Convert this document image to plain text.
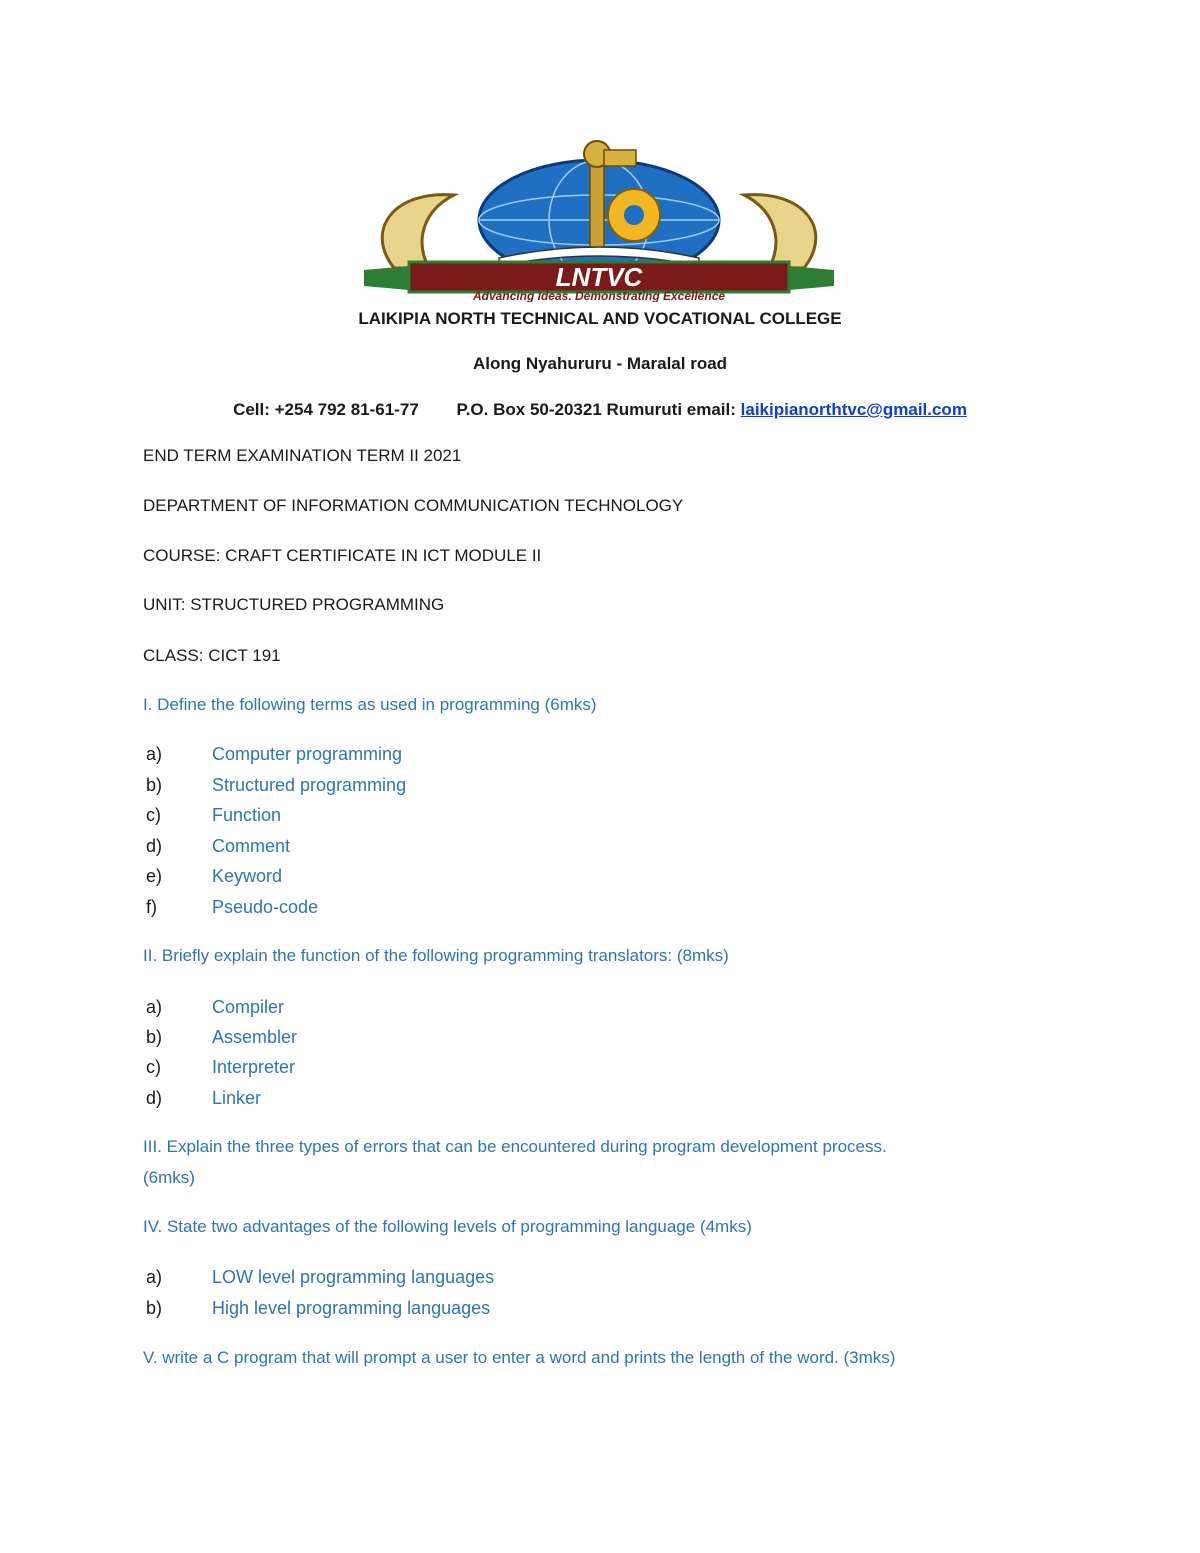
LNTVC
Advancing Ideas. Demonstrating Excellence
LAIKIPIA NORTH TECHNICAL AND VOCATIONAL COLLEGE
Along Nyahururu - Maralal road
Cell: +254 792 81-61-77        P.O. Box 50-20321 Rumuruti email: laikipianorthtvc@gmail.com
END TERM EXAMINATION TERM II 2021
DEPARTMENT OF INFORMATION COMMUNICATION TECHNOLOGY
COURSE: CRAFT CERTIFICATE IN ICT MODULE II
UNIT: STRUCTURED PROGRAMMING
CLASS: CICT 191
I. Define the following terms as used in programming (6mks)
a)	Computer programming
b)	Structured programming
c)	Function
d)	Comment
e)	Keyword
f)	Pseudo-code
II. Briefly explain the function of the following programming translators: (8mks)
a)	Compiler
b)	Assembler
c)	Interpreter
d)	Linker
III. Explain the three types of errors that can be encountered during program development process.
(6mks)
IV. State two advantages of the following levels of programming language (4mks)
a)	LOW level programming languages
b)	High level programming languages
V. write a C program that will prompt a user to enter a word and prints the length of the word. (3mks)
